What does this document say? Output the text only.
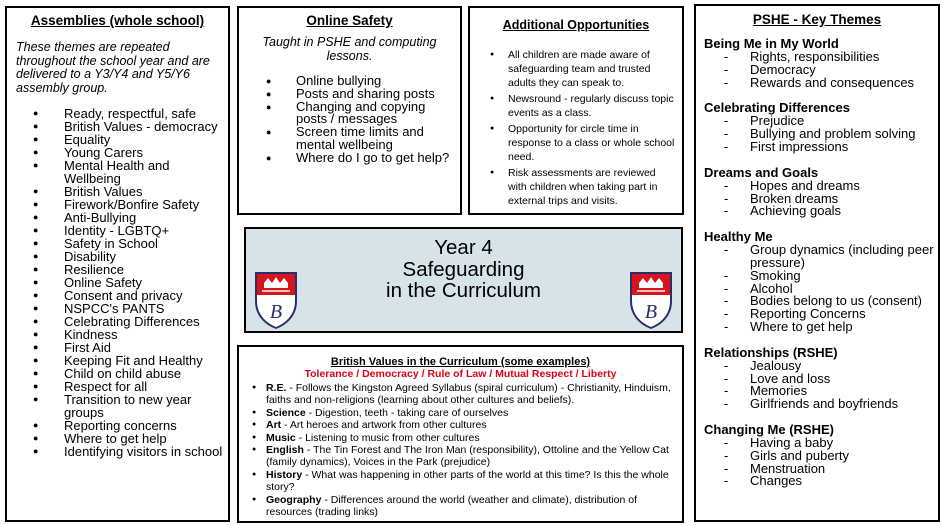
Assemblies (whole school)
These themes are repeated throughout the school year and are delivered to a Y3/Y4 and Y5/Y6 assembly group.
● Ready, respectful, safe
● British Values - democracy
● Equality
● Young Carers
● Mental Health and Wellbeing
● British Values
● Firework/Bonfire Safety
● Anti-Bullying
● Identity - LGBTQ+
● Safety in School
● Disability
● Resilience
● Online Safety
● Consent and privacy
● NSPCC's PANTS
● Celebrating Differences
● Kindness
● First Aid
● Keeping Fit and Healthy
● Child on child abuse
● Respect for all
● Transition to new year groups
● Reporting concerns
● Where to get help
● Identifying visitors in school
Online Safety
Taught in PSHE and computing lessons.
● Online bullying
● Posts and sharing posts
● Changing and copying posts / messages
● Screen time limits and mental wellbeing
● Where do I go to get help?
Additional Opportunities
● All children are made aware of safeguarding team and trusted adults they can speak to.
● Newsround - regularly discuss topic events as a class.
● Opportunity for circle time in response to a class or whole school need.
● Risk assessments are reviewed with children when taking part in external trips and visits.
Year 4
Safeguarding
in the Curriculum
B	B
British Values in the Curriculum (some examples)
Tolerance / Democracy / Rule of Law / Mutual Respect / Liberty
● R.E. - Follows the Kingston Agreed Syllabus (spiral curriculum) - Christianity, Hinduism, faiths and non-religions (learning about other cultures and beliefs).
● Science - Digestion, teeth - taking care of ourselves
● Art - Art heroes and artwork from other cultures
● Music - Listening to music from other cultures
● English - The Tin Forest and The Iron Man (responsibility), Ottoline and the Yellow Cat (family dynamics), Voices in the Park (prejudice)
● History - What was happening in other parts of the world at this time? Is this the whole story?
● Geography - Differences around the world (weather and climate), distribution of resources (trading links)
PSHE - Key Themes
Being Me in My World
- Rights, responsibilities
- Democracy
- Rewards and consequences
Celebrating Differences
- Prejudice
- Bullying and problem solving
- First impressions
Dreams and Goals
- Hopes and dreams
- Broken dreams
- Achieving goals
Healthy Me
- Group dynamics (including peer pressure)
- Smoking
- Alcohol
- Bodies belong to us (consent)
- Reporting Concerns
- Where to get help
Relationships (RSHE)
- Jealousy
- Love and loss
- Memories
- Girlfriends and boyfriends
Changing Me (RSHE)
- Having a baby
- Girls and puberty
- Menstruation
- Changes
